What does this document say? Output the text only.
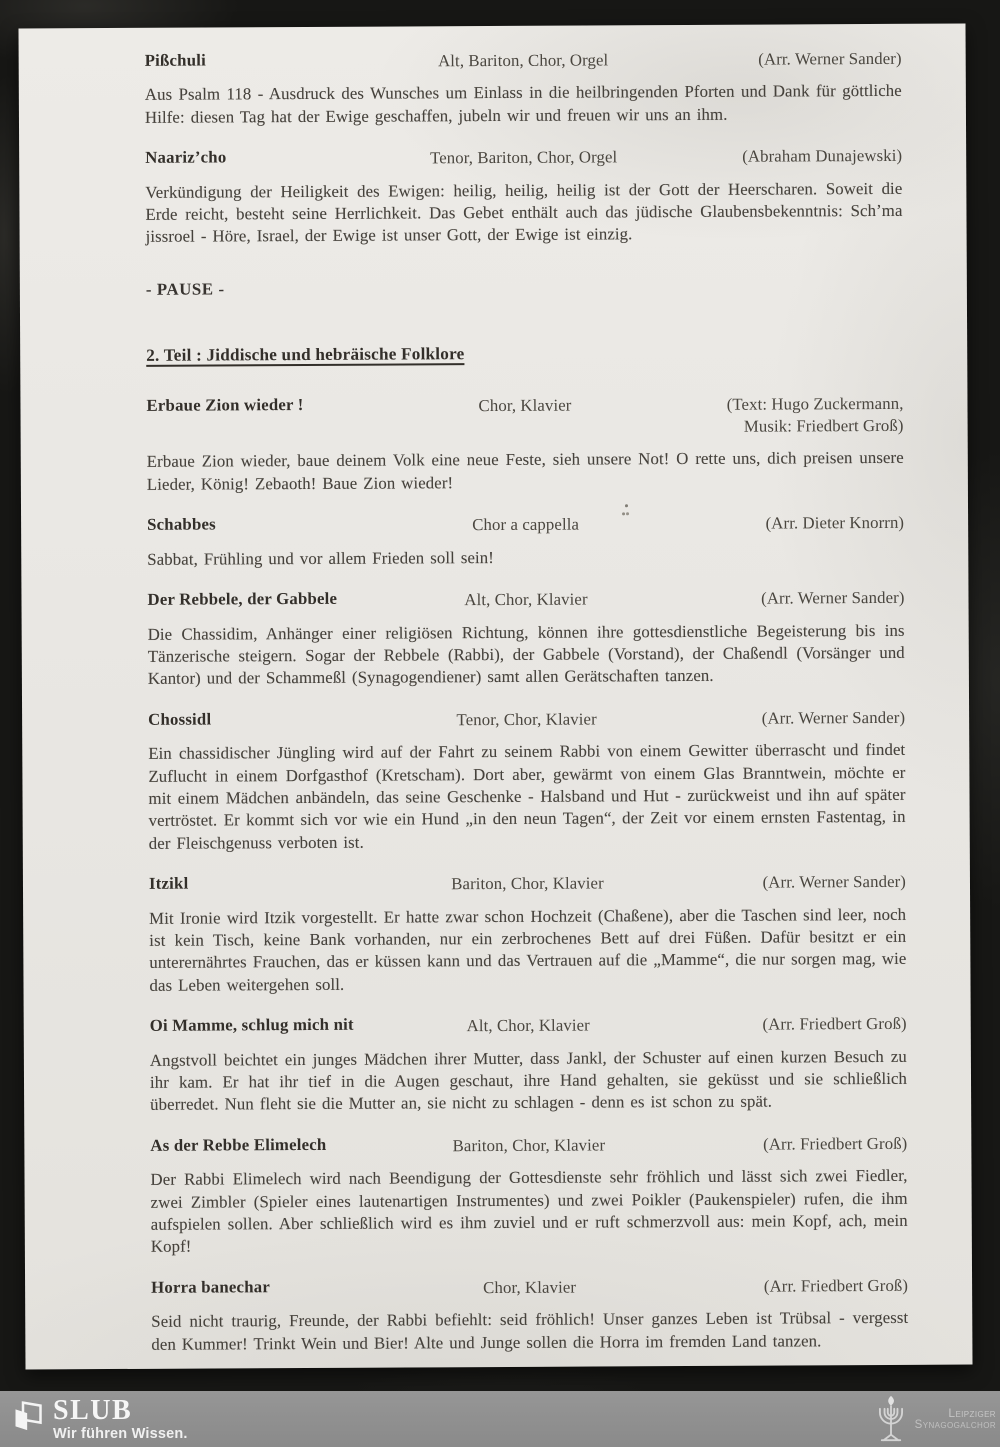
Pißchuli	Alt, Bariton, Chor, Orgel	(Arr. Werner Sander)

Aus Psalm 118 - Ausdruck des Wunsches um Einlass in die heilbringenden Pforten und Dank für göttliche Hilfe: diesen Tag hat der Ewige geschaffen, jubeln wir und freuen wir uns an ihm.

Naariz’cho	Tenor, Bariton, Chor, Orgel	(Abraham Dunajewski)

Verkündigung der Heiligkeit des Ewigen: heilig, heilig, heilig ist der Gott der Heerscharen. Soweit die Erde reicht, besteht seine Herrlichkeit. Das Gebet enthält auch das jüdische Glaubensbekenntnis: Sch’ma jissroel - Höre, Israel, der Ewige ist unser Gott, der Ewige ist einzig.

- PAUSE -
2. Teil : Jiddische und hebräische Folklore
Erbaue Zion wieder !	Chor, Klavier	(Text: Hugo Zuckermann,
Musik: Friedbert Groß)

Erbaue Zion wieder, baue deinem Volk eine neue Feste, sieh unsere Not! O rette uns, dich preisen unsere Lieder, König! Zebaoth! Baue Zion wieder!

Schabbes	Chor a cappella	(Arr. Dieter Knorrn)

Sabbat, Frühling und vor allem Frieden soll sein!

Der Rebbele, der Gabbele	Alt, Chor, Klavier	(Arr. Werner Sander)

Die Chassidim, Anhänger einer religiösen Richtung, können ihre gottesdienstliche Begeisterung bis ins Tänzerische steigern. Sogar der Rebbele (Rabbi), der Gabbele (Vorstand), der Chaßendl (Vorsänger und Kantor) und der Schammeßl (Synagogendiener) samt allen Gerätschaften tanzen.

Chossidl	Tenor, Chor, Klavier	(Arr. Werner Sander)

Ein chassidischer Jüngling wird auf der Fahrt zu seinem Rabbi von einem Gewitter überrascht und findet Zuflucht in einem Dorfgasthof (Kretscham). Dort aber, gewärmt von einem Glas Branntwein, möchte er mit einem Mädchen anbändeln, das seine Geschenke - Halsband und Hut - zurückweist und ihn auf später vertröstet. Er kommt sich vor wie ein Hund „in den neun Tagen“, der Zeit vor einem ernsten Fastentag, in der Fleischgenuss verboten ist.

Itzikl	Bariton, Chor, Klavier	(Arr. Werner Sander)

Mit Ironie wird Itzik vorgestellt. Er hatte zwar schon Hochzeit (Chaßene), aber die Taschen sind leer, noch ist kein Tisch, keine Bank vorhanden, nur ein zerbrochenes Bett auf drei Füßen. Dafür besitzt er ein unterernährtes Frauchen, das er küssen kann und das Vertrauen auf die „Mamme“, die nur sorgen mag, wie das Leben weitergehen soll.

Oi Mamme, schlug mich nit	Alt, Chor, Klavier	(Arr. Friedbert Groß)

Angstvoll beichtet ein junges Mädchen ihrer Mutter, dass Jankl, der Schuster auf einen kurzen Besuch zu ihr kam. Er hat ihr tief in die Augen geschaut, ihre Hand gehalten, sie geküsst und sie schließlich überredet. Nun fleht sie die Mutter an, sie nicht zu schlagen - denn es ist schon zu spät.

As der Rebbe Elimelech	Bariton, Chor, Klavier	(Arr. Friedbert Groß)

Der Rabbi Elimelech wird nach Beendigung der Gottesdienste sehr fröhlich und lässt sich zwei Fiedler, zwei Zimbler (Spieler eines lautenartigen Instrumentes) und zwei Poikler (Paukenspieler) rufen, die ihm aufspielen sollen. Aber schließlich wird es ihm zuviel und er ruft schmerzvoll aus: mein Kopf, ach, mein Kopf!

Horra banechar	Chor, Klavier	(Arr. Friedbert Groß)

Seid nicht traurig, Freunde, der Rabbi befiehlt: seid fröhlich! Unser ganzes Leben ist Trübsal - vergesst den Kummer! Trinkt Wein und Bier! Alte und Junge sollen die Horra im fremden Land tanzen.

SLUB
Wir führen Wissen.
Leipziger
Synagogalchor
